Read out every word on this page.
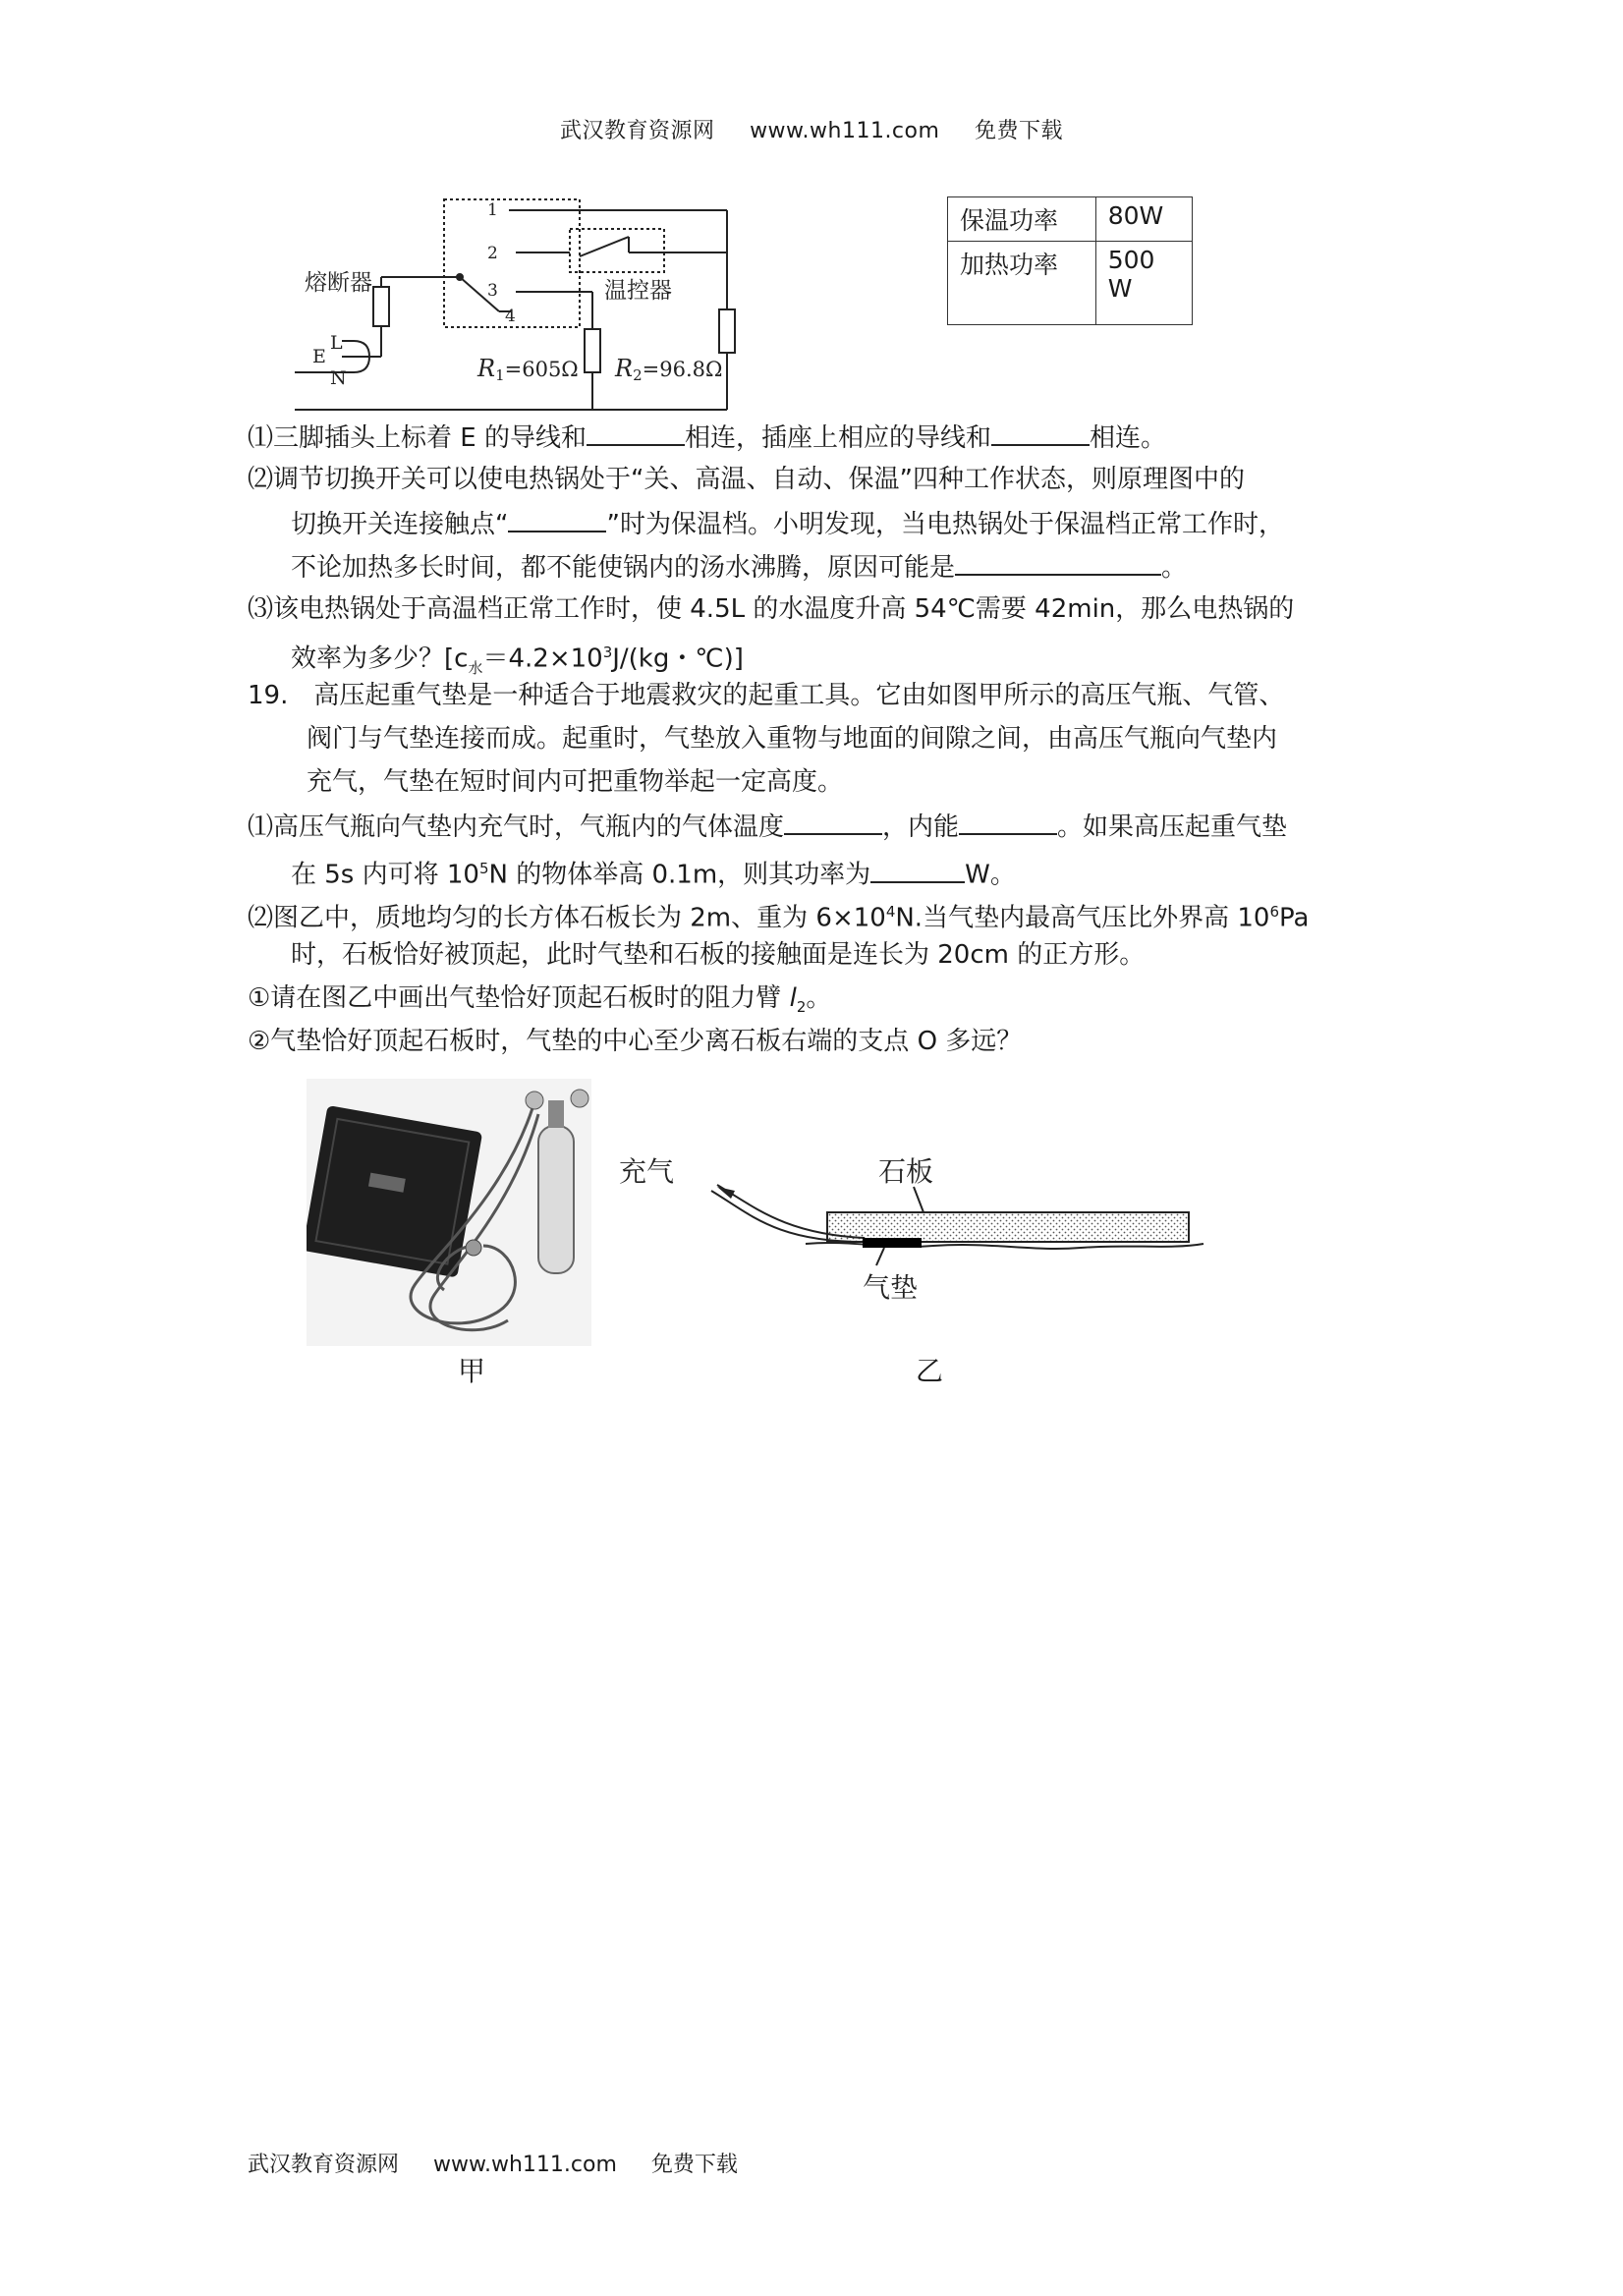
武汉教育资源网 www.wh111.com 免费下载
1
2
3
4
熔断器	温控器
E
L
N	R1=605Ω R2=96.8Ω
保温功率	80W
加热功率	500
W
⑴三脚插头上标着 E 的导线和	相连，插座上相应的导线和	相连。
⑵调节切换开关可以使电热锅处于“关、高温、自动、保温”四种工作状态，则原理图中的
切换开关连接触点“	”时为保温档。小明发现，当电热锅处于保温档正常工作时，
不论加热多长时间，都不能使锅内的汤水沸腾，原因可能是	。
⑶该电热锅处于高温档正常工作时，使 4.5L 的水温度升高 54℃需要 42min，那么电热锅的
效率为多少？[$c_水=4.2\times 10^3J/(kg$・℃)]
19.　高压起重气垫是一种适合于地震救灾的起重工具。它由如图甲所示的高压气瓶、气管、
阀门与气垫连接而成。起重时，气垫放入重物与地面的间隙之间，由高压气瓶向气垫内
充气，气垫在短时间内可把重物举起一定高度。
⑴高压气瓶向气垫内充气时，气瓶内的气体温度	，内能	。如果高压起重气垫
在 5s 内可将 $10^5N$ 的物体举高 0.1m，则其功率为	W。
⑵图乙中，质地均匀的长方体石板长为 2m、重为 $6\times 10^4N$.当气垫内最高气压比外界高 $10^6Pa$
时，石板恰好被顶起，此时气垫和石板的接触面是连长为 20cm 的正方形。
①请在图乙中画出气垫恰好顶起石板时的阻力臂 $l_2$。
②气垫恰好顶起石板时，气垫的中心至少离石板右端的支点 O 多远？
甲
充气	石板
气垫
乙
武汉教育资源网 www.wh111.com 免费下载
